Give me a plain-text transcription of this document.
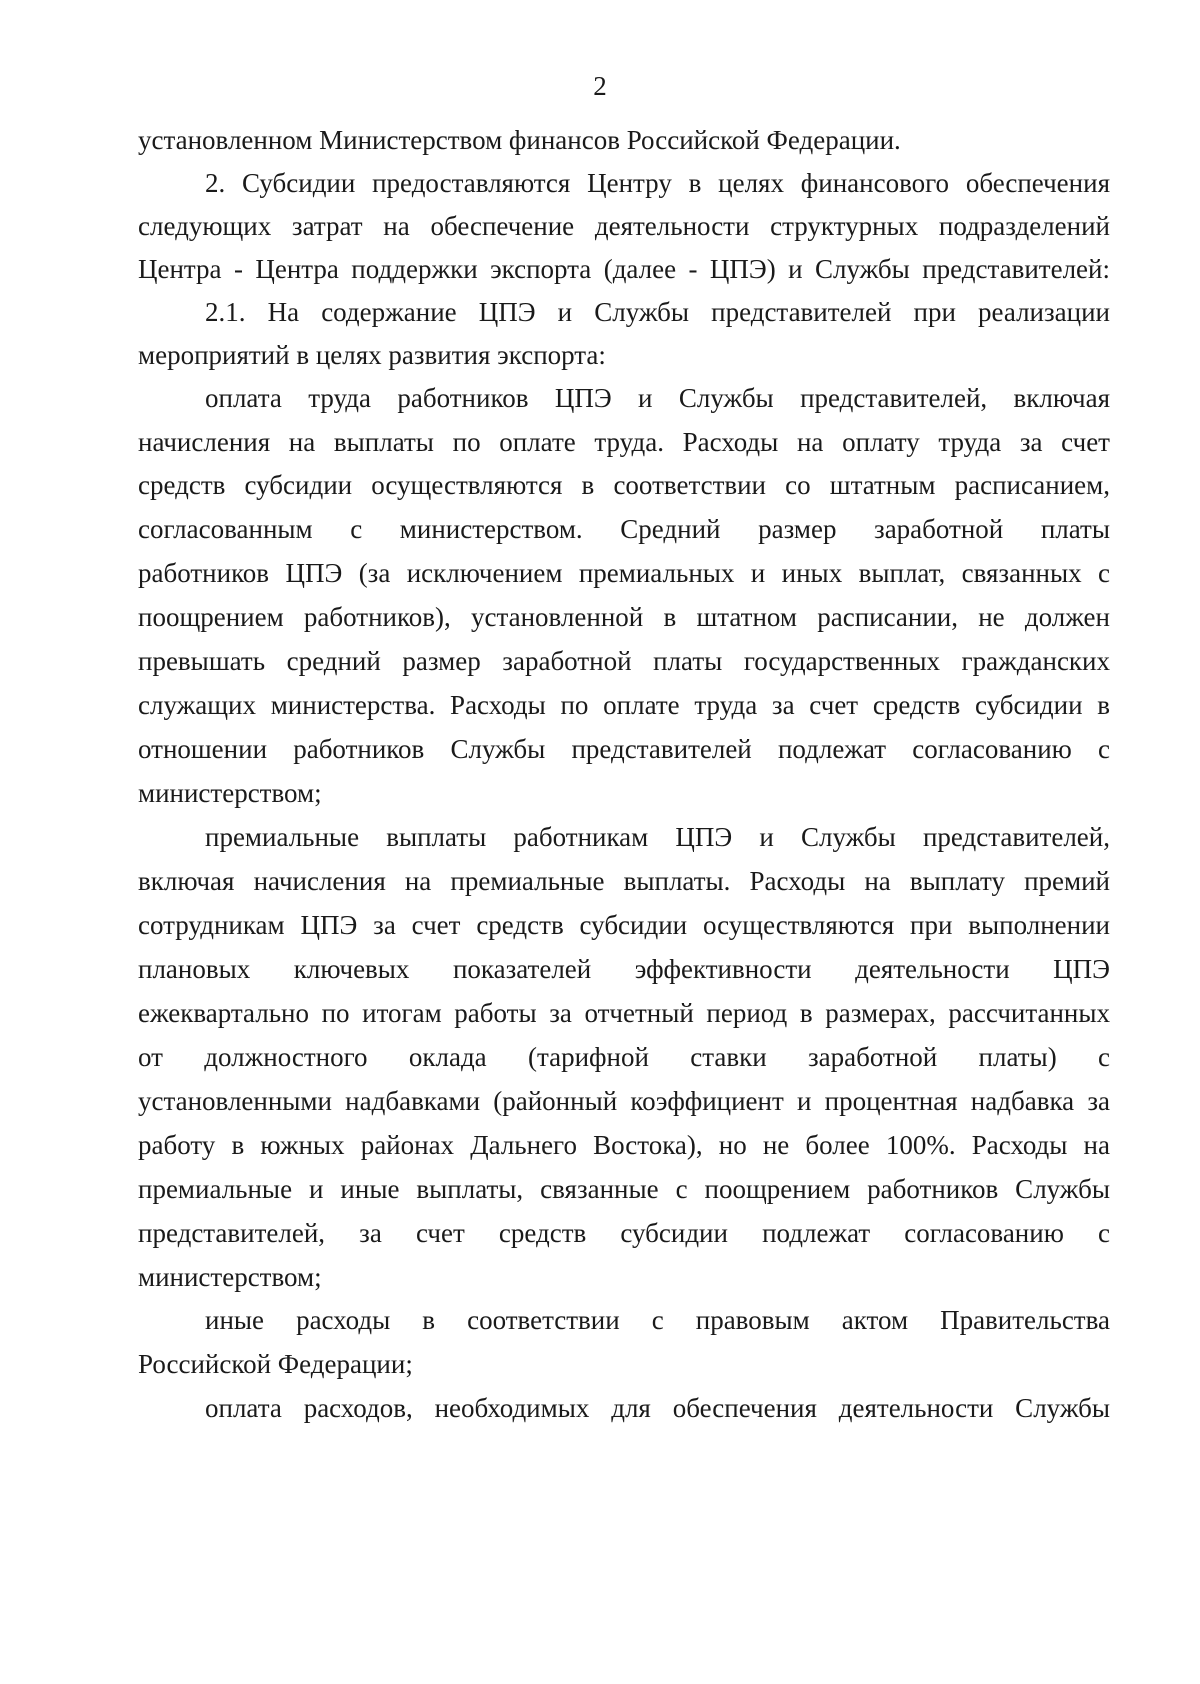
2
установленном Министерством финансов Российской Федерации.
2. Субсидии предоставляются Центру в целях финансового обеспечения
следующих затрат на обеспечение деятельности структурных подразделений
Центра - Центра поддержки экспорта (далее - ЦПЭ) и Службы представителей:
2.1. На содержание ЦПЭ и Службы представителей при реализации
мероприятий в целях развития экспорта:
оплата труда работников ЦПЭ и Службы представителей, включая
начисления на выплаты по оплате труда. Расходы на оплату труда за счет
средств субсидии осуществляются в соответствии со штатным расписанием,
согласованным с министерством. Средний размер заработной платы
работников ЦПЭ (за исключением премиальных и иных выплат, связанных с
поощрением работников), установленной в штатном расписании, не должен
превышать средний размер заработной платы государственных гражданских
служащих министерства. Расходы по оплате труда за счет средств субсидии в
отношении работников Службы представителей подлежат согласованию с
министерством;
премиальные выплаты работникам ЦПЭ и Службы представителей,
включая начисления на премиальные выплаты. Расходы на выплату премий
сотрудникам ЦПЭ за счет средств субсидии осуществляются при выполнении
плановых ключевых показателей эффективности деятельности ЦПЭ
ежеквартально по итогам работы за отчетный период в размерах, рассчитанных
от должностного оклада (тарифной ставки заработной платы) с
установленными надбавками (районный коэффициент и процентная надбавка за
работу в южных районах Дальнего Востока), но не более 100%. Расходы на
премиальные и иные выплаты, связанные с поощрением работников Службы
представителей, за счет средств субсидии подлежат согласованию с
министерством;
иные расходы в соответствии с правовым актом Правительства
Российской Федерации;
оплата расходов, необходимых для обеспечения деятельности Службы
